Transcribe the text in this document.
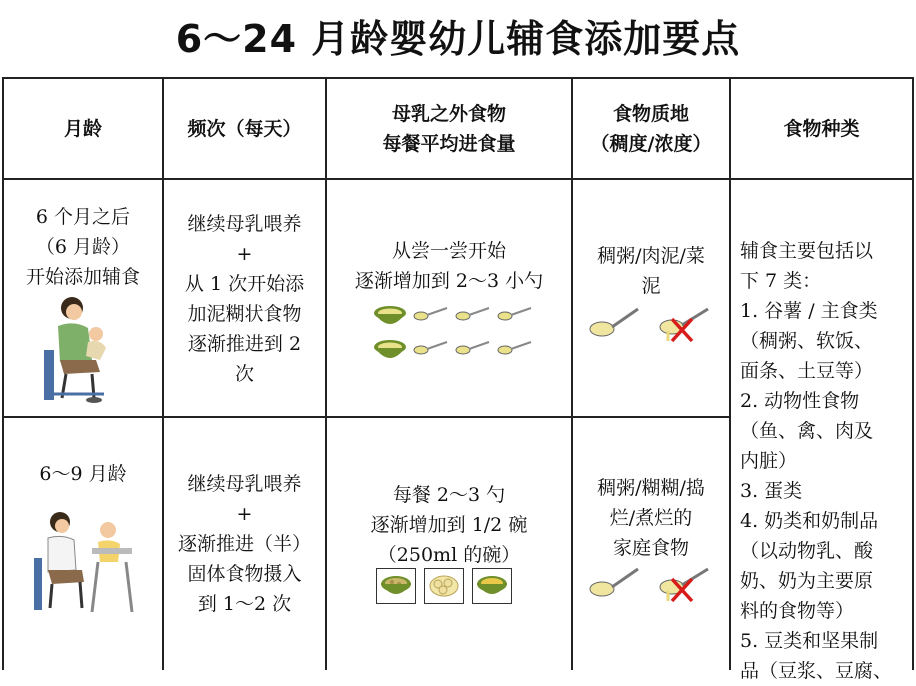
6～24 月龄婴幼儿辅食添加要点
月龄	频次（每天）
母乳之外食物
每餐平均进食量
食物质地
（稠度/浓度）
食物种类
6 个月之后
（6 月龄）
开始添加辅食
继续母乳喂养
+
从 1 次开始添
加泥糊状食物
逐渐推进到 2
次
从尝一尝开始
逐渐增加到 2～3 小勺
稠粥/肉泥/菜
泥
6～9 月龄	继续母乳喂养
+
逐渐推进（半）
固体食物摄入
到 1～2 次
每餐 2～3 勺
逐渐增加到 1/2 碗
（250ml 的碗）
稠粥/糊糊/捣
烂/煮烂的
家庭食物
辅食主要包括以
下 7 类：
1. 谷薯 / 主食类
（稠粥、软饭、
面条、土豆等）
2. 动物性食物
（鱼、禽、肉及
内脏）
3. 蛋类
4. 奶类和奶制品
（以动物乳、酸
奶、奶为主要原
料的食物等）
5. 豆类和坚果制
品（豆浆、豆腐、
